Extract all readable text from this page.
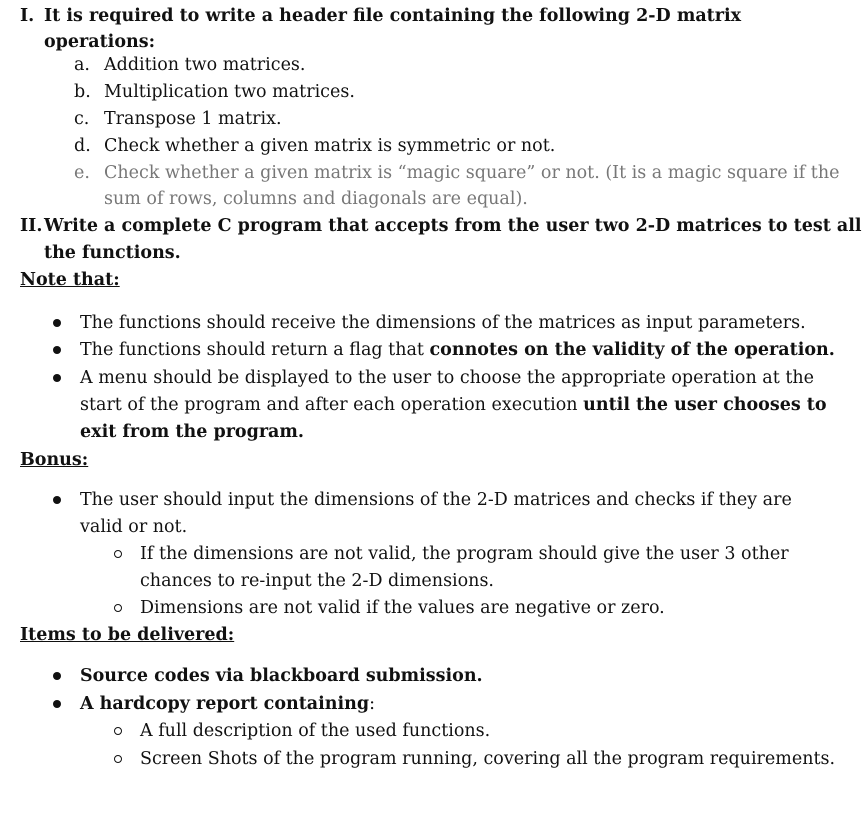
I. It is required to write a header file containing the following 2-D matrix
operations:
a. Addition two matrices.
b. Multiplication two matrices.
c. Transpose 1 matrix.
d. Check whether a given matrix is symmetric or not.
e. Check whether a given matrix is “magic square” or not. (It is a magic square if the
sum of rows, columns and diagonals are equal).
II. Write a complete C program that accepts from the user two 2-D matrices to test all
the functions.
Note that:
The functions should receive the dimensions of the matrices as input parameters.
The functions should return a flag that connotes on the validity of the operation.
A menu should be displayed to the user to choose the appropriate operation at the
start of the program and after each operation execution until the user chooses to
exit from the program.
Bonus:
The user should input the dimensions of the 2-D matrices and checks if they are
valid or not.
If the dimensions are not valid, the program should give the user 3 other
chances to re-input the 2-D dimensions.
Dimensions are not valid if the values are negative or zero.
Items to be delivered:
Source codes via blackboard submission.
A hardcopy report containing:
A full description of the used functions.
Screen Shots of the program running, covering all the program requirements.
